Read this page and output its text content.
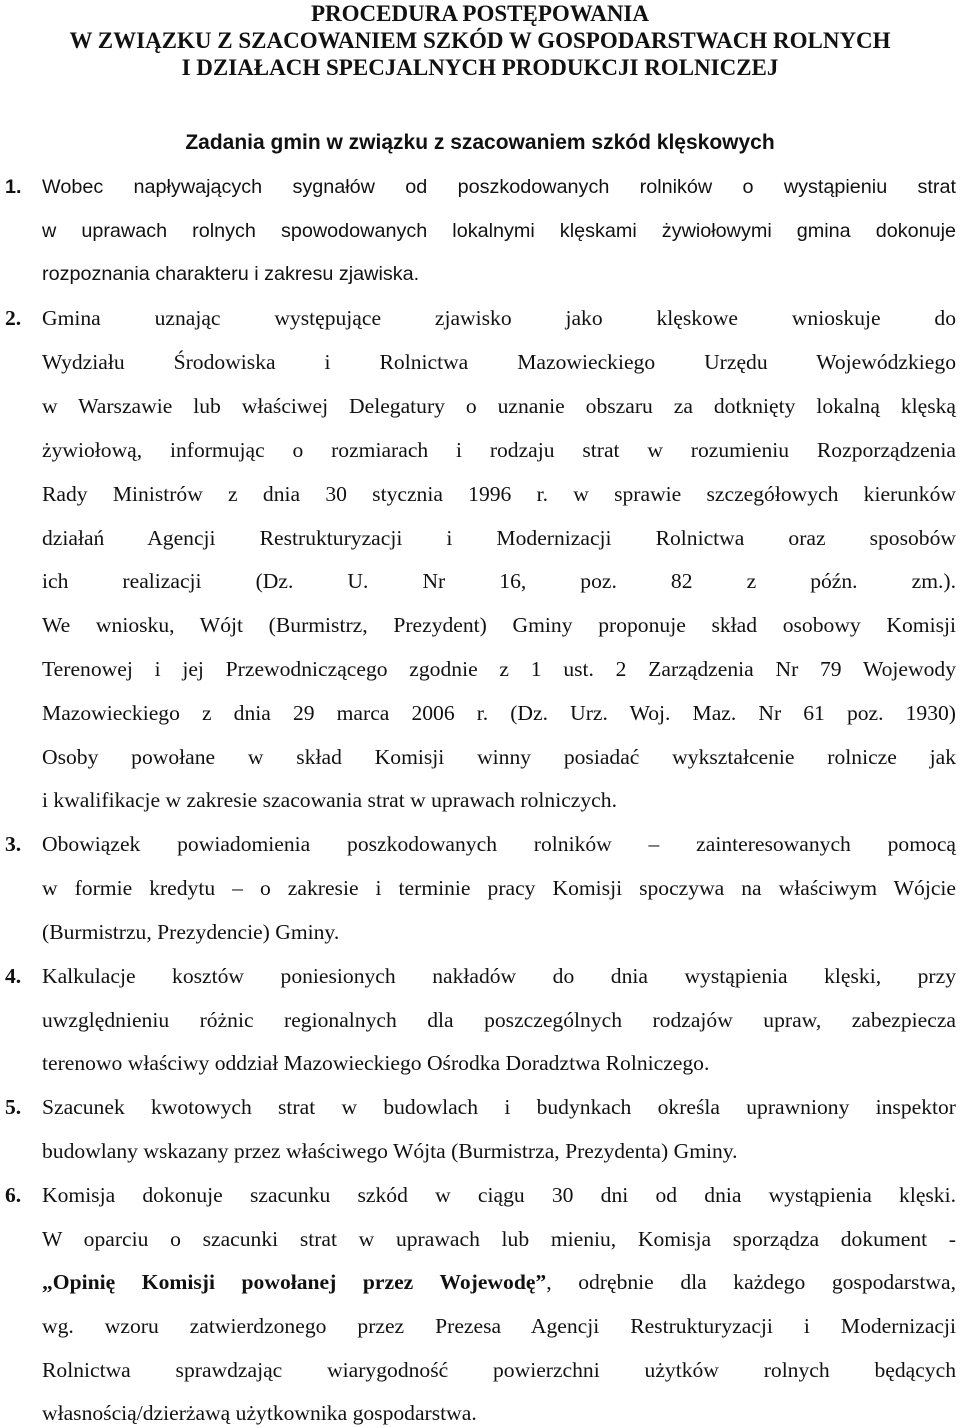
PROCEDURA POSTĘPOWANIA
W ZWIĄZKU Z SZACOWANIEM SZKÓD W GOSPODARSTWACH ROLNYCH
I DZIAŁACH SPECJALNYCH PRODUKCJI ROLNICZEJ
Zadania gmin w związku z szacowaniem szkód klęskowych
1. Wobec napływających sygnałów od poszkodowanych rolników o wystąpieniu strat
w uprawach rolnych spowodowanych lokalnymi klęskami żywiołowymi gmina dokonuje
rozpoznania charakteru i zakresu zjawiska.
2. Gmina uznając występujące zjawisko jako klęskowe wnioskuje do
Wydziału Środowiska i Rolnictwa Mazowieckiego Urzędu Wojewódzkiego
w Warszawie lub właściwej Delegatury o uznanie obszaru za dotknięty lokalną klęską
żywiołową, informując o rozmiarach i rodzaju strat w rozumieniu Rozporządzenia
Rady Ministrów z dnia 30 stycznia 1996 r. w sprawie szczegółowych kierunków
działań Agencji Restrukturyzacji i Modernizacji Rolnictwa oraz sposobów
ich realizacji (Dz. U. Nr 16, poz. 82 z późn. zm.).
We wniosku, Wójt (Burmistrz, Prezydent) Gminy proponuje skład osobowy Komisji
Terenowej i jej Przewodniczącego zgodnie z 1 ust. 2 Zarządzenia Nr 79 Wojewody
Mazowieckiego z dnia 29 marca 2006 r. (Dz. Urz. Woj. Maz. Nr 61 poz. 1930)
Osoby powołane w skład Komisji winny posiadać wykształcenie rolnicze jak
i kwalifikacje w zakresie szacowania strat w uprawach rolniczych.
3. Obowiązek powiadomienia poszkodowanych rolników – zainteresowanych pomocą
w formie kredytu – o zakresie i terminie pracy Komisji spoczywa na właściwym Wójcie
(Burmistrzu, Prezydencie) Gminy.
4. Kalkulacje kosztów poniesionych nakładów do dnia wystąpienia klęski, przy
uwzględnieniu różnic regionalnych dla poszczególnych rodzajów upraw, zabezpiecza
terenowo właściwy oddział Mazowieckiego Ośrodka Doradztwa Rolniczego.
5. Szacunek kwotowych strat w budowlach i budynkach określa uprawniony inspektor
budowlany wskazany przez właściwego Wójta (Burmistrza, Prezydenta) Gminy.
6. Komisja dokonuje szacunku szkód w ciągu 30 dni od dnia wystąpienia klęski.
W oparciu o szacunki strat w uprawach lub mieniu, Komisja sporządza dokument -
„Opinię Komisji powołanej przez Wojewodę”, odrębnie dla każdego gospodarstwa,
wg. wzoru zatwierdzonego przez Prezesa Agencji Restrukturyzacji i Modernizacji
Rolnictwa sprawdzając wiarygodność powierzchni użytków rolnych będących
własnością/dzierżawą użytkownika gospodarstwa.
